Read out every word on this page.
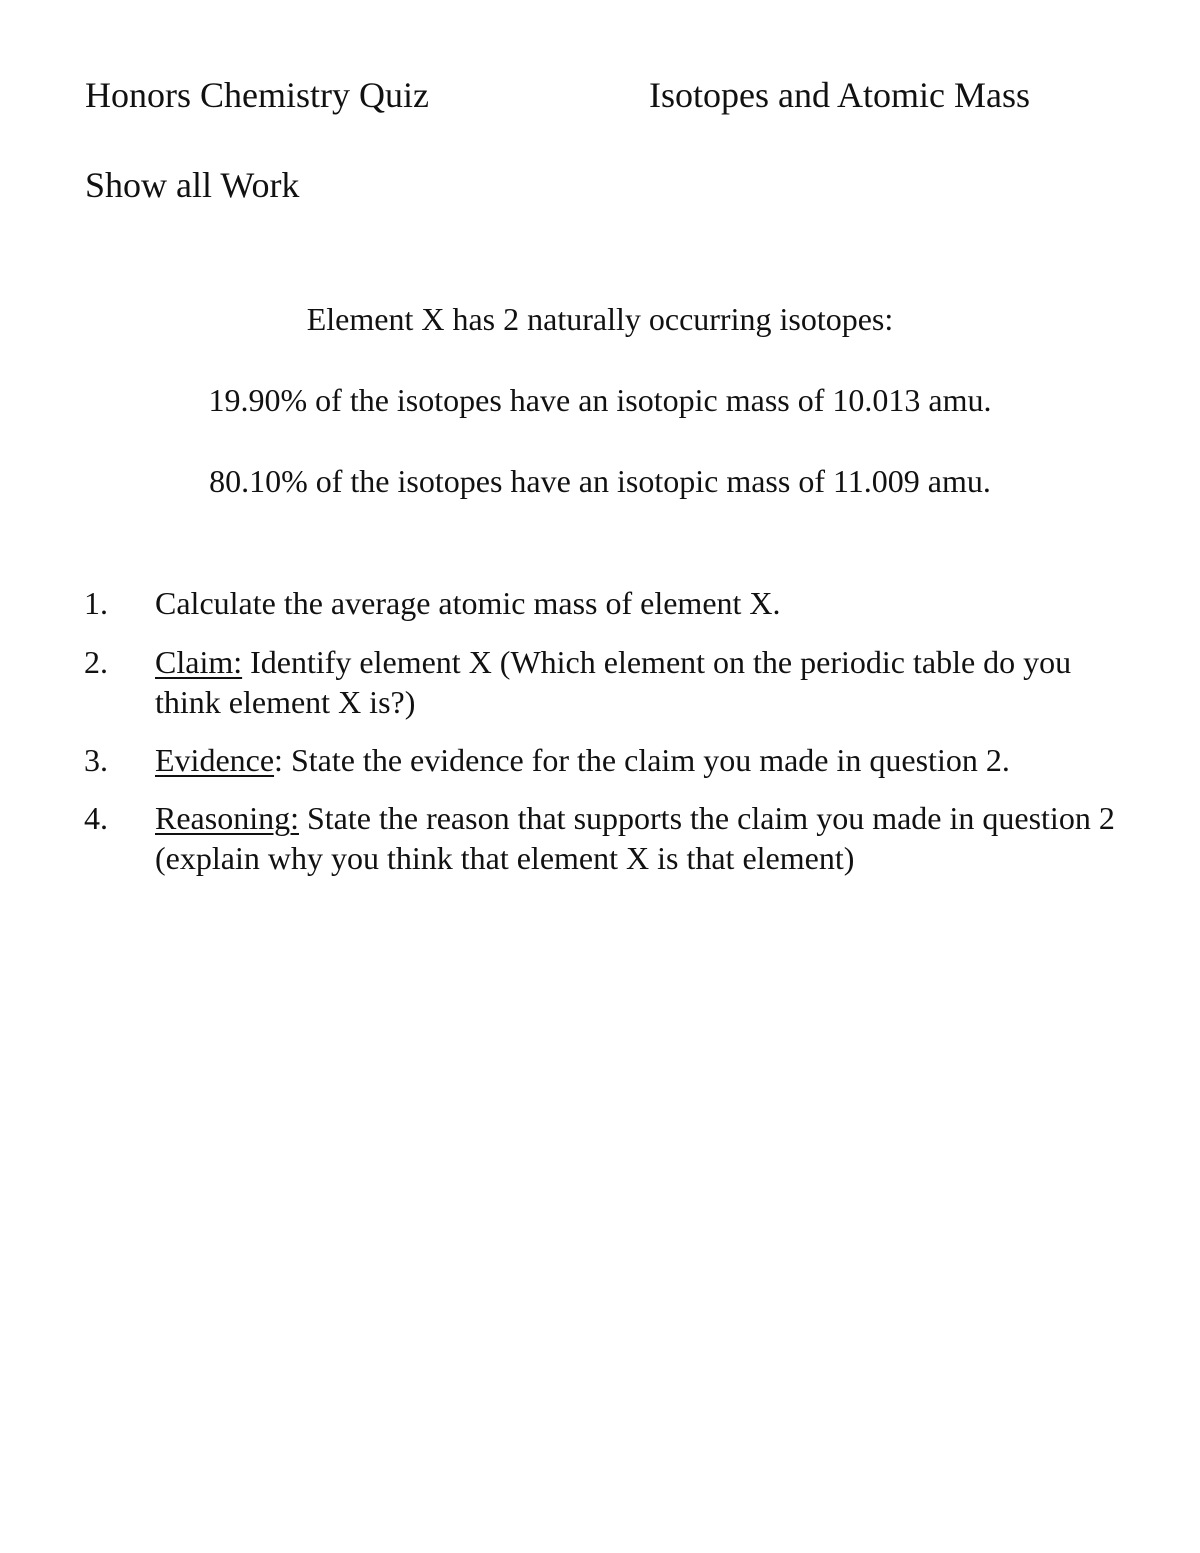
Honors Chemistry Quiz	Isotopes and Atomic Mass
Show all Work
Element X has 2 naturally occurring isotopes:
19.90% of the isotopes have an isotopic mass of 10.013 amu.
80.10% of the isotopes have an isotopic mass of 11.009 amu.
1.	Calculate the average atomic mass of element X.
2.	Claim: Identify element X (Which element on the periodic table do you think element X is?)
3.	Evidence: State the evidence for the claim you made in question 2.
4.	Reasoning: State the reason that supports the claim you made in question 2 (explain why you think that element X is that element)
